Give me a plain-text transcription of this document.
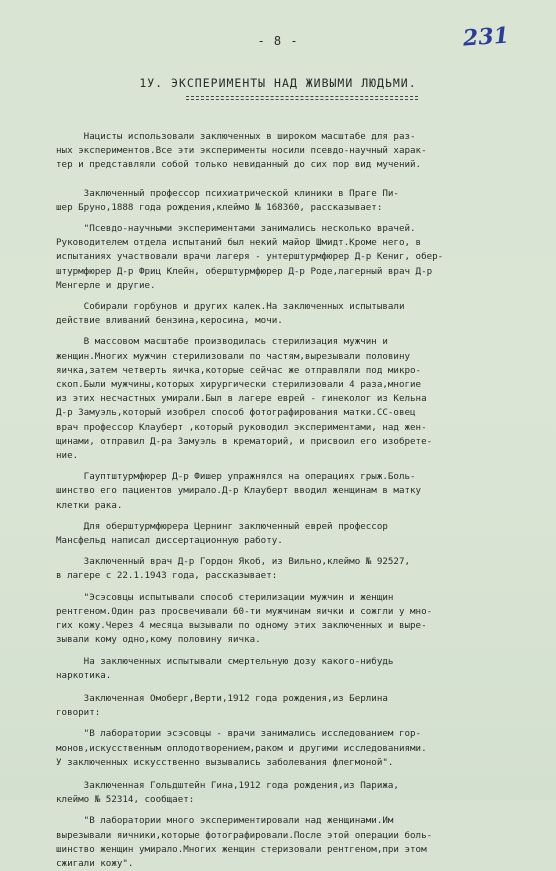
- 8 -	231
1У. ЭКСПЕРИМЕНТЫ НАД ЖИВЫМИ ЛЮДЬМИ.

Нацисты использовали заключенных в широком масштабе для раз-
ных экспериментов.Все эти эксперименты носили псевдо-научный харак-
тер и представляли собой только невиданный до сих пор вид мучений.

Заключенный профессор психиатрической клиники в Праге Пи-
шер Бруно,1888 года рождения,клеймо № 168360, рассказывает:

"Псевдо-научными экспериментами занимались несколько врачей.
Руководителем отдела испытаний был некий майор Шмидт.Кроме него, в
испытаниях участвовали врачи лагеря - унтерштурмфюрер Д-р Кениг, обер-
штурмфюрер Д-р Фриц Клейн, оберштурмфюрер Д-р Роде,лагерный врач Д-р
Менгерле и другие.

Собирали горбунов и других калек.На заключенных испытывали
действие вливаний бензина,керосина, мочи.

В массовом масштабе производилась стерилизация мужчин и
женщин.Многих мужчин стерилизовали по частям,вырезывали половину
яичка,затем четверть яичка,которые сейчас же отправляли под микро-
скоп.Были мужчины,которых хирургически стерилизовали 4 раза,многие
из этих несчастных умирали.Был в лагере еврей - гинеколог из Кельна
Д-р Замуэль,который изобрел способ фотографирования матки.СС-овец
врач профессор Клауберт ,который руководил экспериментами, над жен-
щинами, отправил Д-ра Замуэль в крематорий, и присвоил его изобрете-
ние.

Гауптштурмфюрер Д-р Фишер упражнялся на операциях грыж.Боль-
шинство его пациентов умирало.Д-р Клауберт вводил женщинам в матку
клетки рака.

Для оберштурмфюрера Цернинг заключенный еврей профессор
Мансфельд написал диссертационную работу.

Заключенный врач Д-р Гордон Якоб, из Вильно,клеймо № 92527,
в лагере с 22.1.1943 года, рассказывает:

"Эсэсовцы испытывали способ стерилизации мужчин и женщин
рентгеном.Один раз просвечивали 60-ти мужчинам яички и сожгли у мно-
гих кожу.Через 4 месяца вызывали по одному этих заключенных и выре-
зывали кому одно,кому половину яичка.

На заключенных испытывали смертельную дозу какого-нибудь
наркотика.

Заключенная Омоберг,Верти,1912 года рождения,из Берлина
говорит:

"В лаборатории эсэсовцы - врачи занимались исследованием гор-
монов,искусственным оплодотворением,раком и другими исследованиями.
У заключенных искусственно вызывались заболевания флегмоной".

Заключенная Гольдштейн Гина,1912 года рождения,из Парижа,
клеймо № 52314, сообщает:

"В лаборатории много экспериментировали над женщинами.Им
вырезывали яичники,которые фотографировали.После этой операции боль-
шинство женщин умирало.Многих женщин стеризовали рентгеном,при этом
сжигали кожу".
